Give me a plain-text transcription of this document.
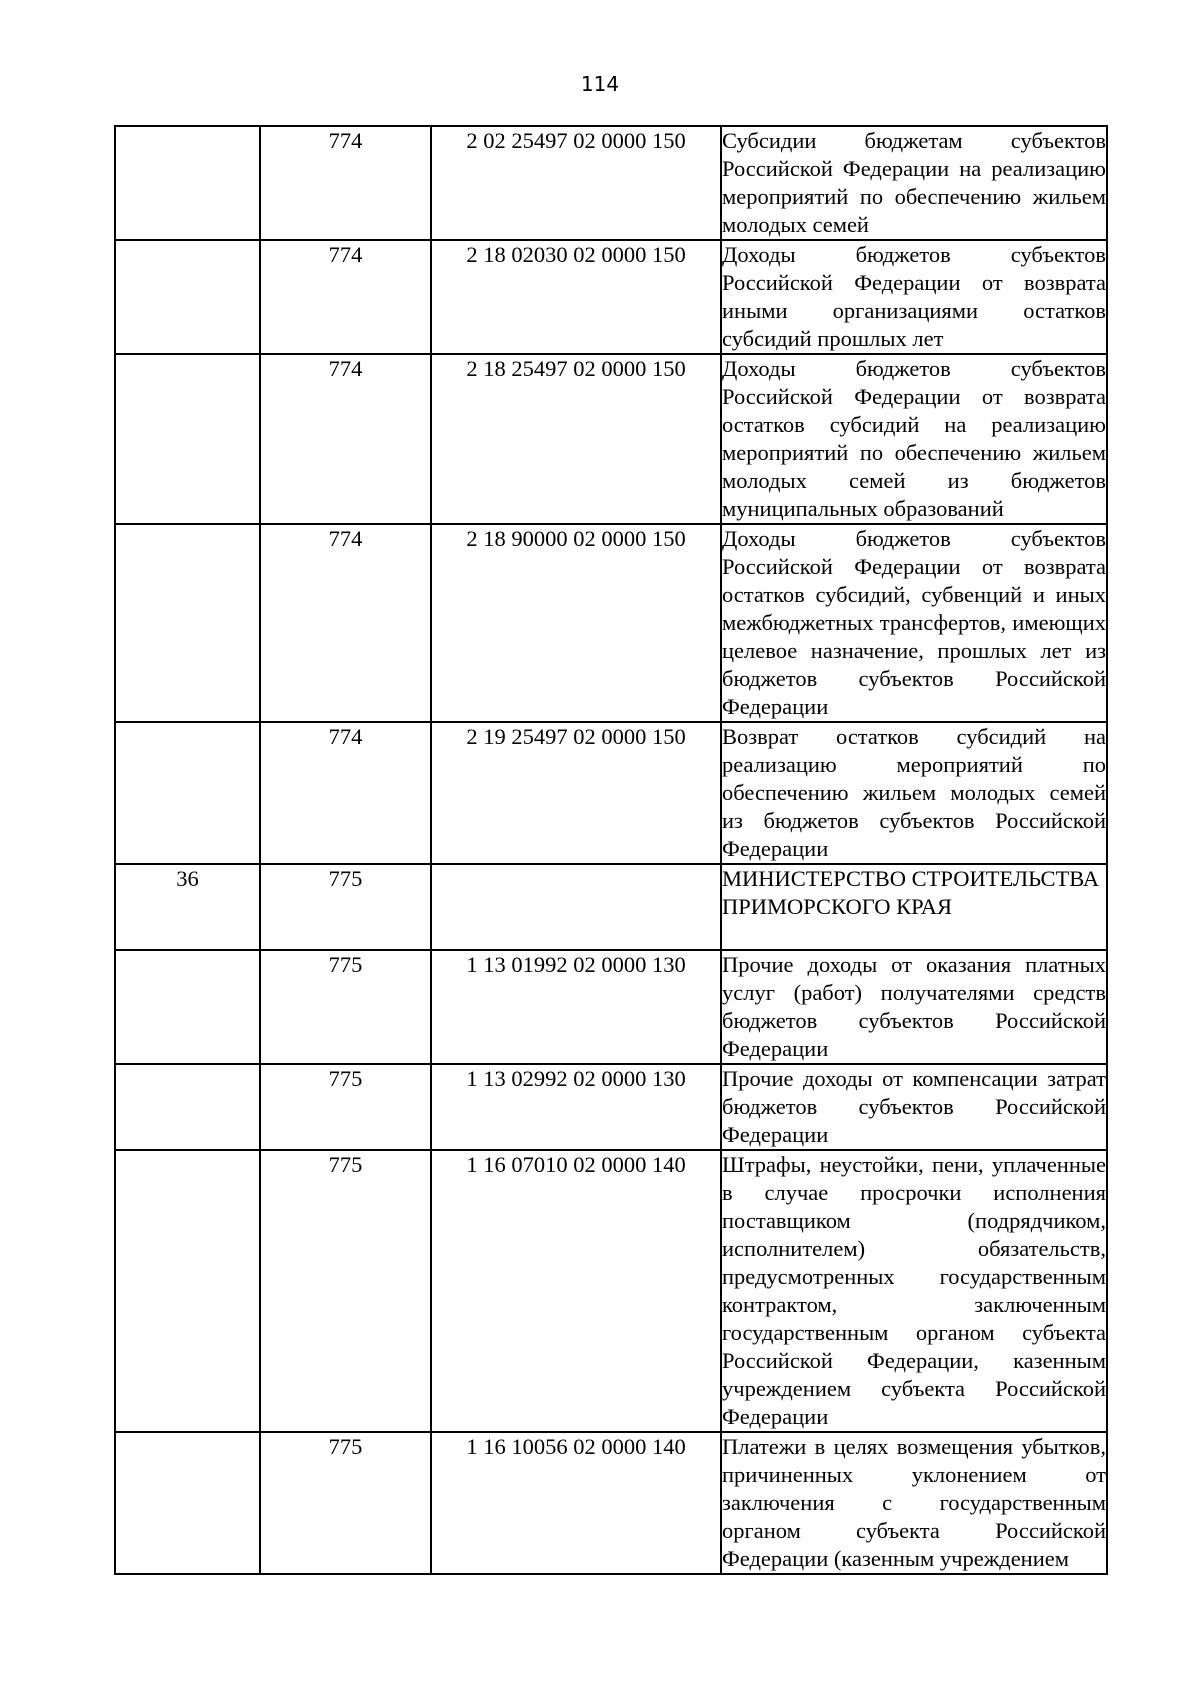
114
	774	2 02 25497 02 0000 150	Субсидии бюджетам субъектов Российской Федерации на реализацию мероприятий по обеспечению жильем молодых семей
	774	2 18 02030 02 0000 150	Доходы бюджетов субъектов Российской Федерации от возврата иными организациями остатков субсидий прошлых лет
	774	2 18 25497 02 0000 150	Доходы бюджетов субъектов Российской Федерации от возврата остатков субсидий на реализацию мероприятий по обеспечению жильем молодых семей из бюджетов муниципальных образований
	774	2 18 90000 02 0000 150	Доходы бюджетов субъектов Российской Федерации от возврата остатков субсидий, субвенций и иных межбюджетных трансфертов, имеющих целевое назначение, прошлых лет из бюджетов субъектов Российской Федерации
	774	2 19 25497 02 0000 150	Возврат остатков субсидий на реализацию мероприятий по обеспечению жильем молодых семей из бюджетов субъектов Российской Федерации
36	775		МИНИСТЕРСТВО СТРОИТЕЛЬСТВА ПРИМОРСКОГО КРАЯ
	775	1 13 01992 02 0000 130	Прочие доходы от оказания платных услуг (работ) получателями средств бюджетов субъектов Российской Федерации
	775	1 13 02992 02 0000 130	Прочие доходы от компенсации затрат бюджетов субъектов Российской Федерации
	775	1 16 07010 02 0000 140	Штрафы, неустойки, пени, уплаченные в случае просрочки исполнения поставщиком (подрядчиком, исполнителем) обязательств, предусмотренных государственным контрактом, заключенным государственным органом субъекта Российской Федерации, казенным учреждением субъекта Российской Федерации
	775	1 16 10056 02 0000 140	Платежи в целях возмещения убытков, причиненных уклонением от заключения с государственным органом субъекта Российской Федерации (казенным учреждением
